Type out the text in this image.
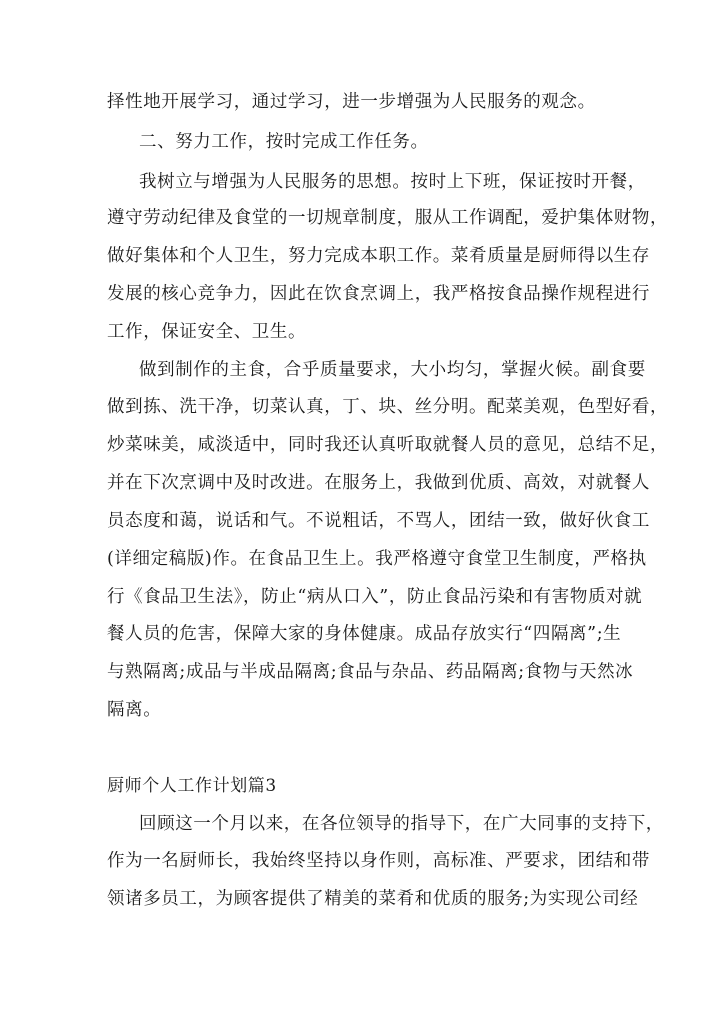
择性地开展学习，通过学习，进一步增强为人民服务的观念。
二、努力工作，按时完成工作任务。
我树立与增强为人民服务的思想。按时上下班，保证按时开餐，
遵守劳动纪律及食堂的一切规章制度，服从工作调配，爱护集体财物，
做好集体和个人卫生，努力完成本职工作。菜肴质量是厨师得以生存
发展的核心竞争力，因此在饮食烹调上，我严格按食品操作规程进行
工作，保证安全、卫生。
做到制作的主食，合乎质量要求，大小均匀，掌握火候。副食要
做到拣、洗干净，切菜认真，丁、块、丝分明。配菜美观，色型好看，
炒菜味美，咸淡适中，同时我还认真听取就餐人员的意见，总结不足，
并在下次烹调中及时改进。在服务上，我做到优质、高效，对就餐人
员态度和蔼，说话和气。不说粗话，不骂人，团结一致，做好伙食工
(详细定稿版)作。在食品卫生上。我严格遵守食堂卫生制度，严格执
行《食品卫生法》，防止“病从口入”，防止食品污染和有害物质对就
餐人员的危害，保障大家的身体健康。成品存放实行“四隔离”;生
与熟隔离;成品与半成品隔离;食品与杂品、药品隔离;食物与天然冰
隔离。
厨师个人工作计划篇3
回顾这一个月以来，在各位领导的指导下，在广大同事的支持下，
作为一名厨师长，我始终坚持以身作则，高标准、严要求，团结和带
领诸多员工，为顾客提供了精美的菜肴和优质的服务;为实现公司经
